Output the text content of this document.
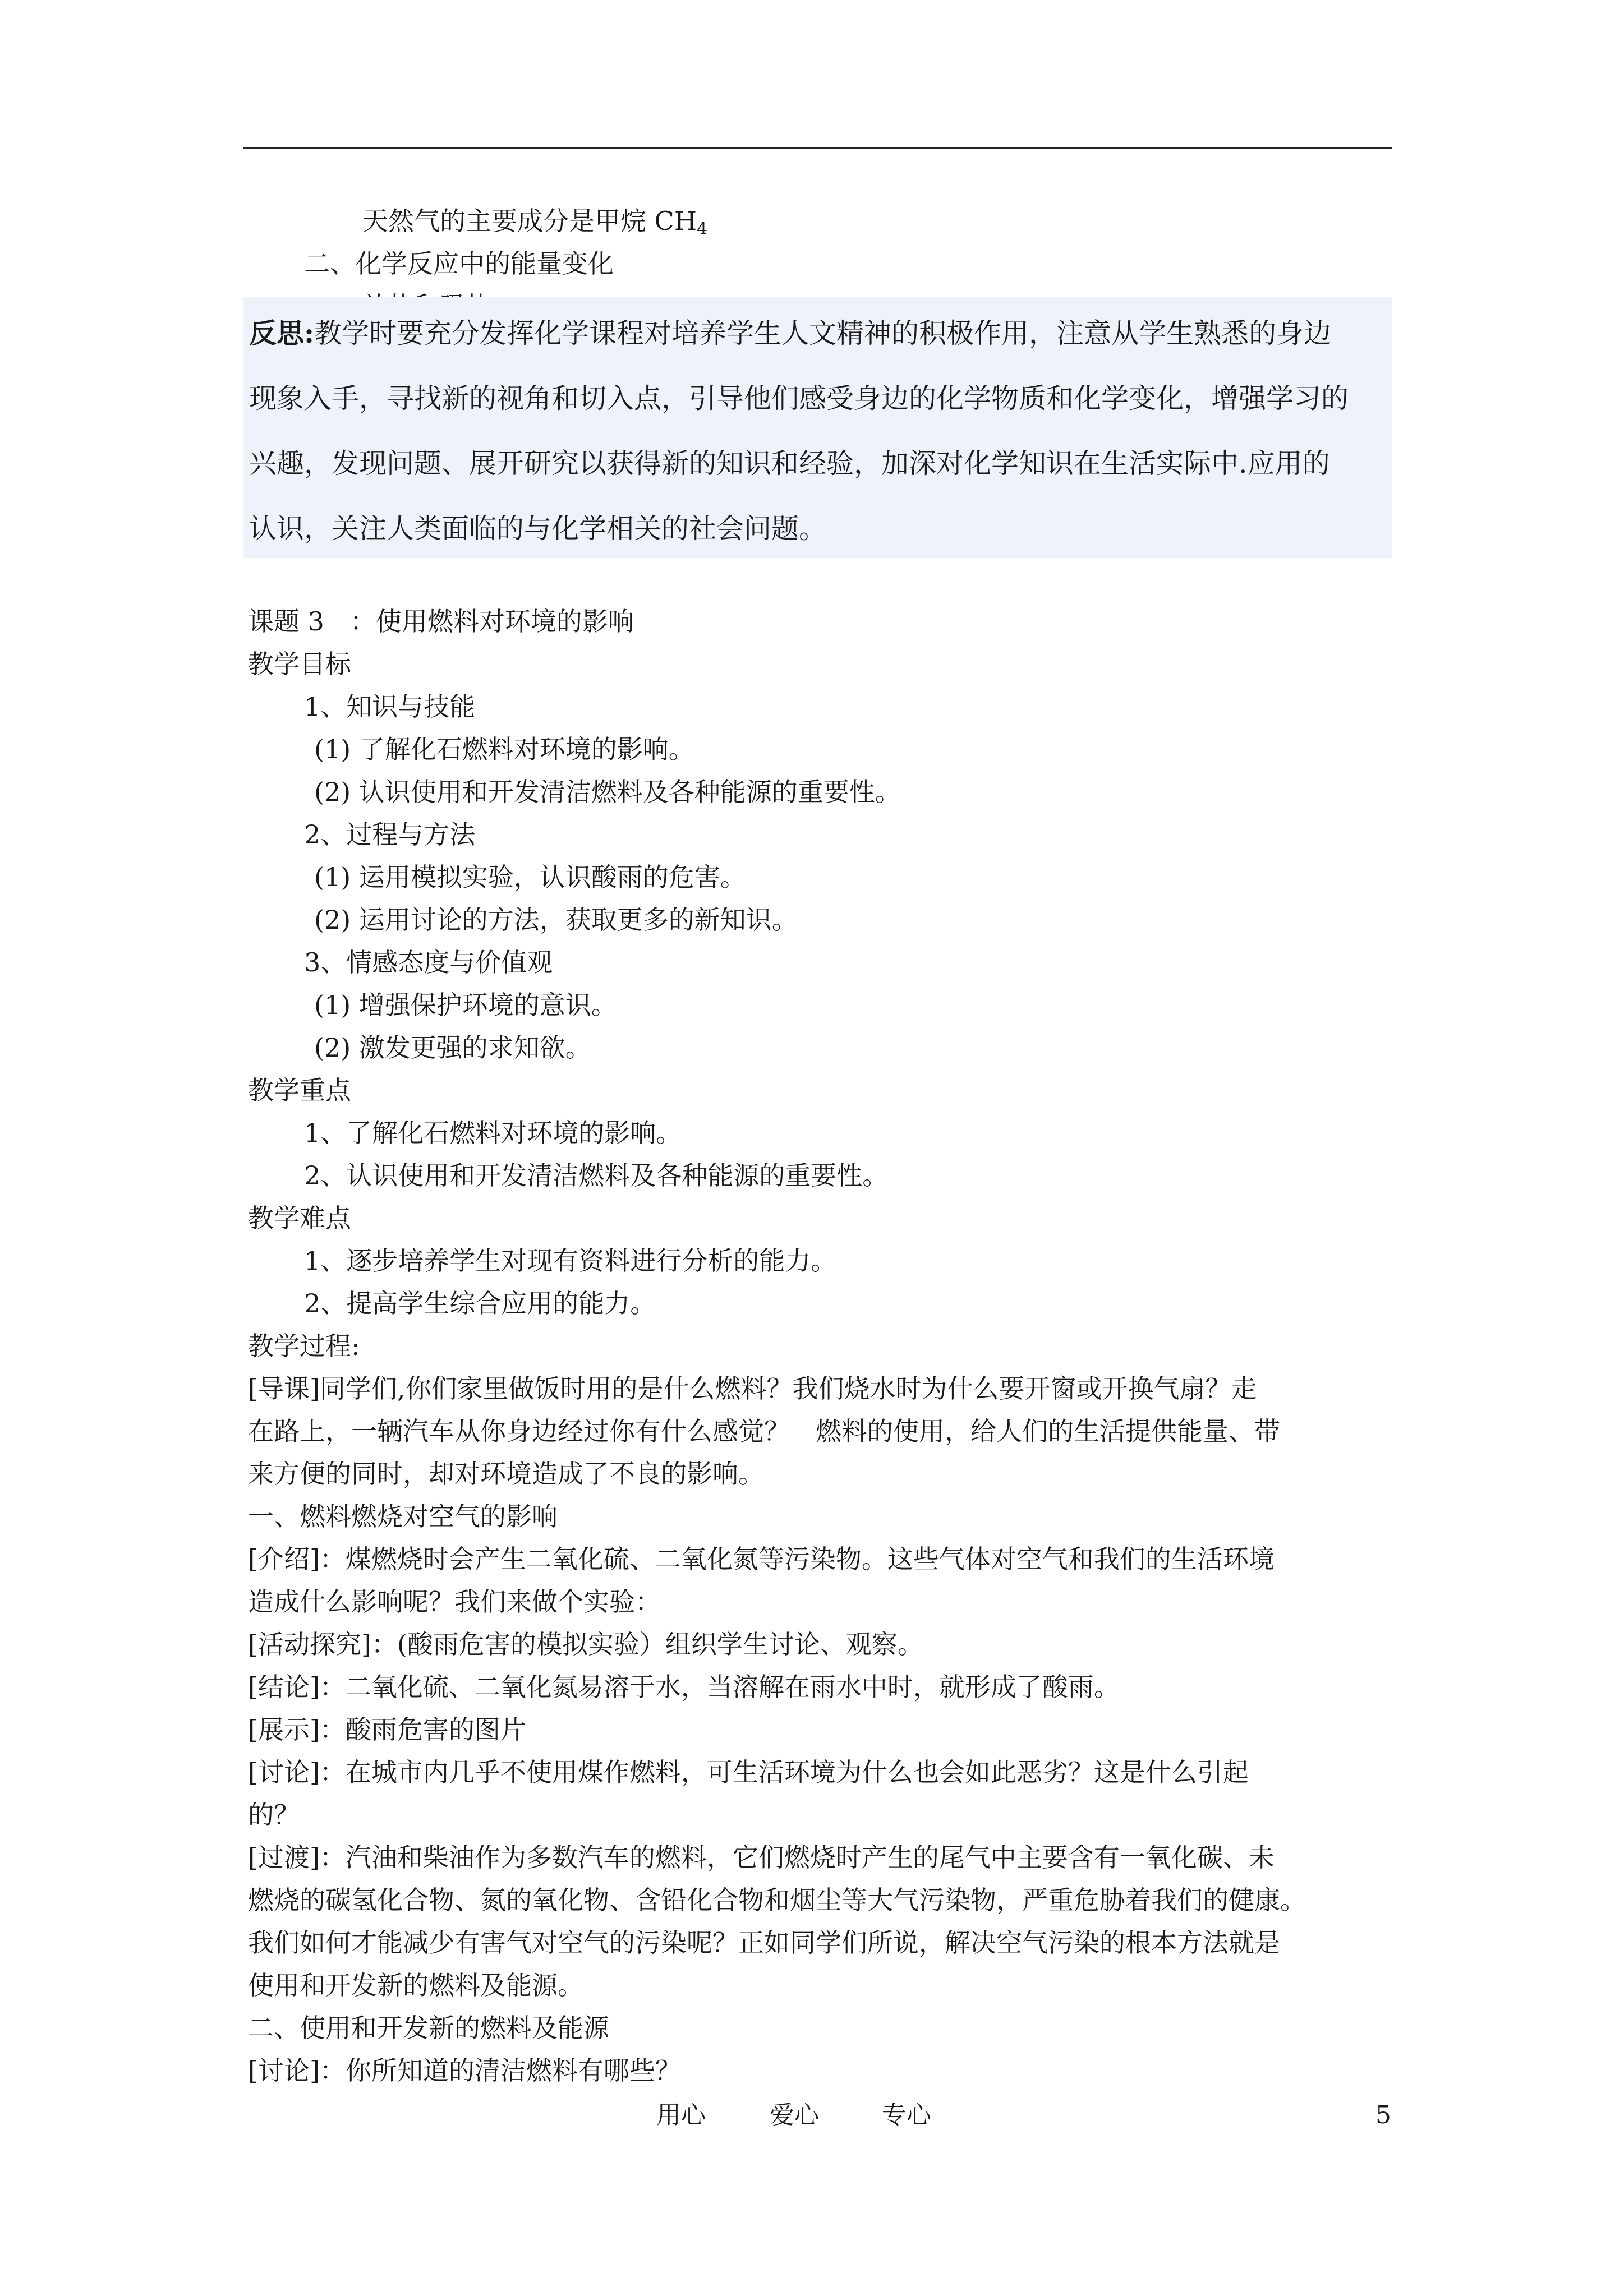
天然气的主要成分是甲烷 $CH_4$
二、化学反应中的能量变化
反思:教学时要充分发挥化学课程对培养学生人文精神的积极作用，注意从学生熟悉的身边
现象入手，寻找新的视角和切入点，引导他们感受身边的化学物质和化学变化，增强学习的
兴趣，发现问题、展开研究以获得新的知识和经验，加深对化学知识在生活实际中.应用的
认识，关注人类面临的与化学相关的社会问题。
课题 3　：使用燃料对环境的影响
教学目标
1、知识与技能
(1) 了解化石燃料对环境的影响。
(2) 认识使用和开发清洁燃料及各种能源的重要性。
2、过程与方法
(1) 运用模拟实验，认识酸雨的危害。
(2) 运用讨论的方法，获取更多的新知识。
3、情感态度与价值观
(1) 增强保护环境的意识。
(2) 激发更强的求知欲。
教学重点
1、了解化石燃料对环境的影响。
2、认识使用和开发清洁燃料及各种能源的重要性。
教学难点
1、逐步培养学生对现有资料进行分析的能力。
2、提高学生综合应用的能力。
教学过程:
[导课]同学们,你们家里做饭时用的是什么燃料？我们烧水时为什么要开窗或开换气扇？走
在路上，一辆汽车从你身边经过你有什么感觉？　燃料的使用，给人们的生活提供能量、带
来方便的同时，却对环境造成了不良的影响。
一、燃料燃烧对空气的影响
[介绍]：煤燃烧时会产生二氧化硫、二氧化氮等污染物。这些气体对空气和我们的生活环境
造成什么影响呢？我们来做个实验：
[活动探究]：(酸雨危害的模拟实验）组织学生讨论、观察。
[结论]：二氧化硫、二氧化氮易溶于水，当溶解在雨水中时，就形成了酸雨。
[展示]：酸雨危害的图片
[讨论]：在城市内几乎不使用煤作燃料，可生活环境为什么也会如此恶劣？这是什么引起
的？
[过渡]：汽油和柴油作为多数汽车的燃料，它们燃烧时产生的尾气中主要含有一氧化碳、未
燃烧的碳氢化合物、氮的氧化物、含铅化合物和烟尘等大气污染物，严重危胁着我们的健康。
我们如何才能减少有害气对空气的污染呢？正如同学们所说，解决空气污染的根本方法就是
使用和开发新的燃料及能源。
二、使用和开发新的燃料及能源
[讨论]：你所知道的清洁燃料有哪些？
用心	爱心	专心	5
